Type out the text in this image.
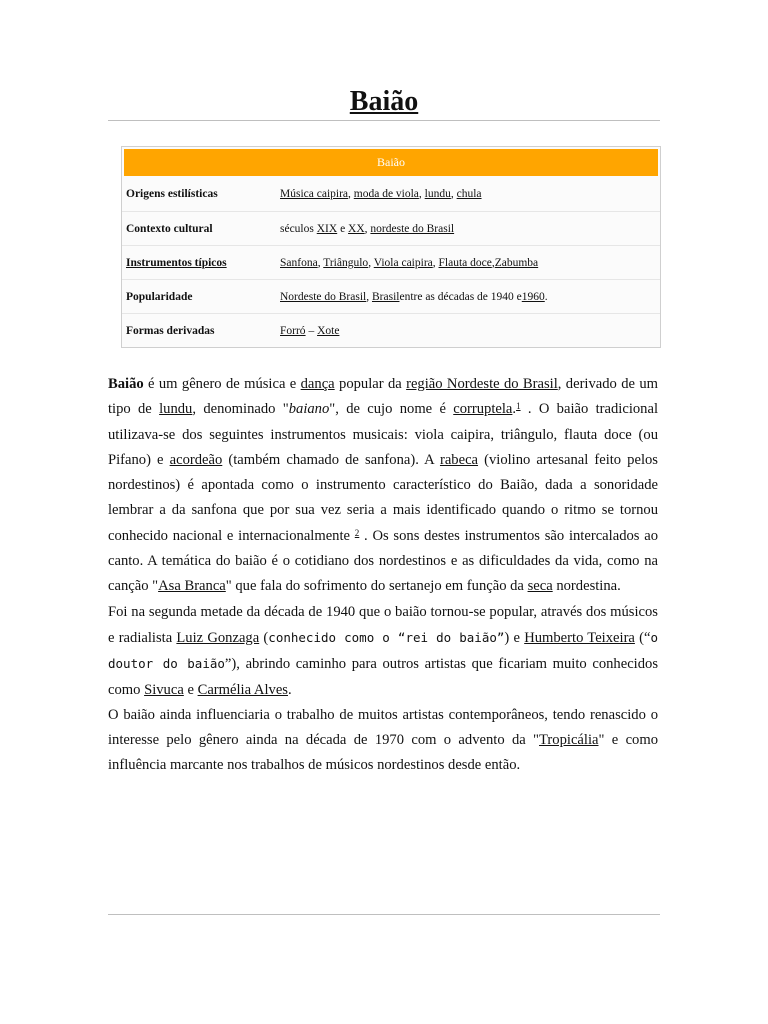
Baião
Baião
Origens estilísticas	Música caipira, moda de viola, lundu, chula
Contexto cultural	séculos XIX e XX, nordeste do Brasil
Instrumentos típicos	Sanfona, Triângulo, Viola caipira, Flauta doce,Zabumba
Popularidade	Nordeste do Brasil, Brasilentre as décadas de 1940 e1960.
Formas derivadas	Forró – Xote

Baião é um gênero de música e dança popular da região Nordeste do Brasil, derivado de um tipo de lundu, denominado "baiano", de cujo nome é corruptela.$^1$ . O baião tradicional utilizava-se dos seguintes instrumentos musicais: viola caipira, triângulo, flauta doce (ou Pifano) e acordeão (também chamado de sanfona). A rabeca (violino artesanal feito pelos nordestinos) é apontada como o instrumento característico do Baião, dada a sonoridade lembrar a da sanfona que por sua vez seria a mais identificado quando o ritmo se tornou conhecido nacional e internacionalmente $^2$ . Os sons destes instrumentos são intercalados ao canto. A temática do baião é o cotidiano dos nordestinos e as dificuldades da vida, como na canção "Asa Branca" que fala do sofrimento do sertanejo em função da seca nordestina.

Foi na segunda metade da década de 1940 que o baião tornou-se popular, através dos músicos e radialista Luiz Gonzaga (conhecido como o “rei do baião”) e Humberto Teixeira (“o doutor do baião”), abrindo caminho para outros artistas que ficariam muito conhecidos como Sivuca e Carmélia Alves.

O baião ainda influenciaria o trabalho de muitos artistas contemporâneos, tendo renascido o interesse pelo gênero ainda na década de 1970 com o advento da "Tropicália" e como influência marcante nos trabalhos de músicos nordestinos desde então.
